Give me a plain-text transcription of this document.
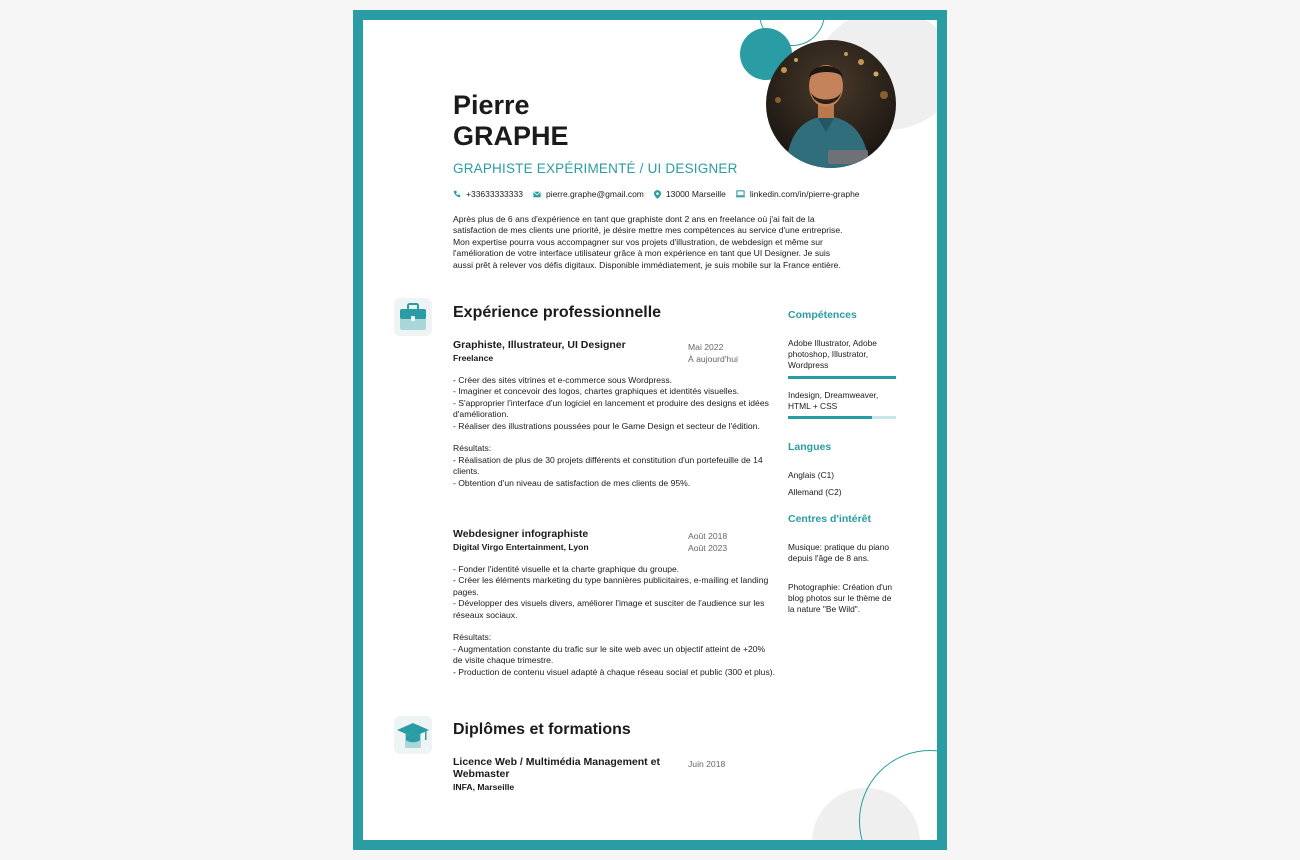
Pierre
GRAPHE
GRAPHISTE EXPÉRIMENTÉ / UI DESIGNER
+33633333333	pierre.graphe@gmail.com	13000 Marseille	linkedin.com/in/pierre-graphe
Après plus de 6 ans d'expérience en tant que graphiste dont 2 ans en freelance où j'ai fait de la satisfaction de mes clients une priorité, je désire mettre mes compétences au service d'une entreprise. Mon expertise pourra vous accompagner sur vos projets d'illustration, de webdesign et même sur l'amélioration de votre interface utilisateur grâce à mon expérience en tant que UI Designer. Je suis aussi prêt à relever vos défis digitaux. Disponible immédiatement, je suis mobile sur la France entière.
Expérience professionnelle
Graphiste, Illustrateur, UI Designer
Freelance
Mai 2022
À aujourd'hui
- Créer des sites vitrines et e-commerce sous Wordpress.
- Imaginer et concevoir des logos, chartes graphiques et identités visuelles.
- S'approprier l'interface d'un logiciel en lancement et produire des designs et idées d'amélioration.
- Réaliser des illustrations poussées pour le Game Design et secteur de l'édition.

Résultats:
- Réalisation de plus de 30 projets différents et constitution d'un portefeuille de 14 clients.
- Obtention d'un niveau de satisfaction de mes clients de 95%.
Webdesigner infographiste
Digital Virgo Entertainment, Lyon
Août 2018
Août 2023
- Fonder l'identité visuelle et la charte graphique du groupe.
- Créer les éléments marketing du type bannières publicitaires, e-mailing et landing pages.
- Développer des visuels divers, améliorer l'image et susciter de l'audience sur les réseaux sociaux.

Résultats:
- Augmentation constante du trafic sur le site web avec un objectif atteint de +20% de visite chaque trimestre.
- Production de contenu visuel adapté à chaque réseau social et public (300 et plus).
Diplômes et formations
Licence Web / Multimédia Management et Webmaster
INFA, Marseille
Juin 2018
Compétences
Adobe Illustrator, Adobe photoshop, Illustrator, Wordpress
Indesign, Dreamweaver, HTML + CSS
Langues
Anglais (C1)
Allemand (C2)
Centres d'intérêt
Musique: pratique du piano depuis l'âge de 8 ans.
Photographie: Création d'un blog photos sur le thème de la nature "Be Wild".
